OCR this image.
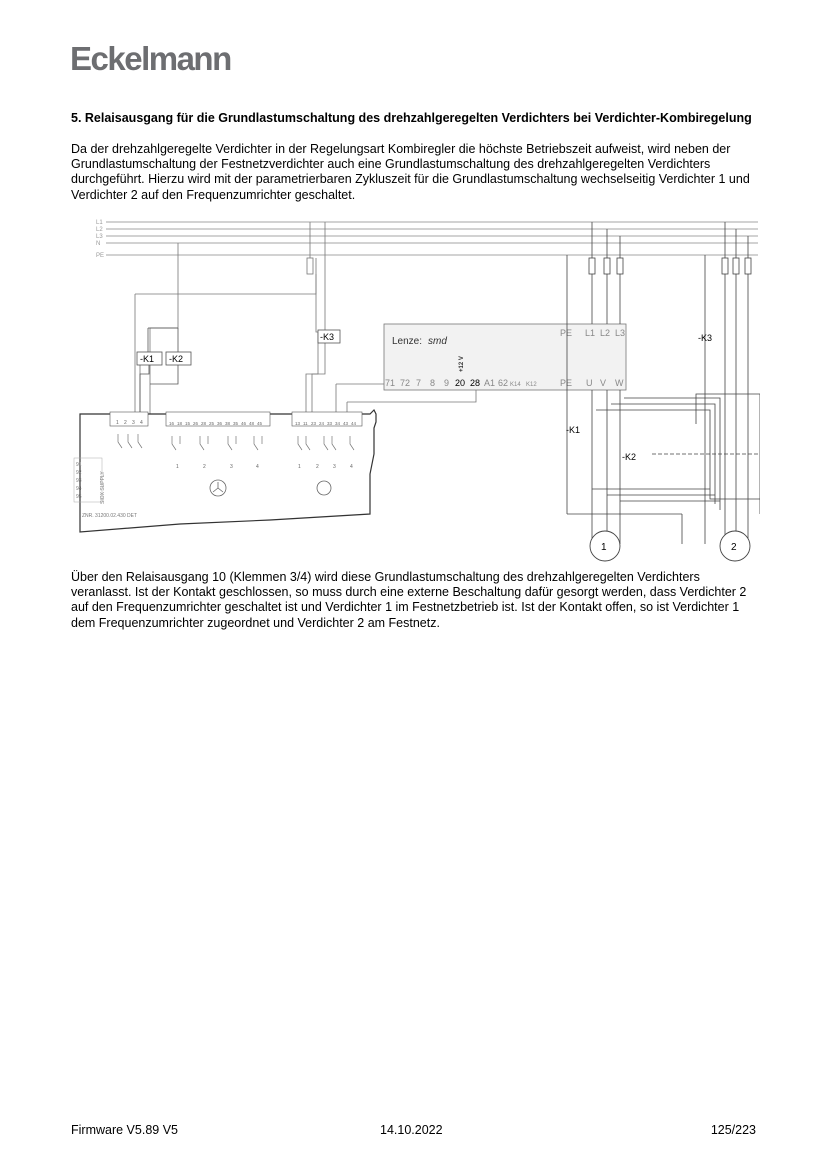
Eckelmann
5. Relaisausgang für die Grundlastumschaltung des drehzahlgeregelten Verdichters bei Verdichter-Kombiregelung
Da der drehzahlgeregelte Verdichter in der Regelungsart Kombiregler die höchste Betriebszeit aufweist, wird neben der Grundlastumschaltung der Festnetzverdichter auch eine Grundlastumschaltung des drehzahlgeregelten Verdichters durchgeführt. Hierzu wird mit der parametrierbaren Zykluszeit für die Grundlastumschaltung wechselseitig Verdichter 1 und Verdichter 2 auf den Frequenzumrichter geschaltet.
L1
L2
L3
N
PE
-K1 -K2
-K3
1 2 3 4	16 18 15 26 28 25 36 38 35 46 48 45	13 11 23 24 33 34 43 44
1	2	3	4	1	2	3	4
91
92
93
94
95	SIOX SUPPLY
ZNR. 31200.02.430 DET
Lenze: smd
PE L1 L2 L3
+12 V
71 72 7 8 9 20 28 A1 62 K14 K12	PE U V W
1	2
-K1
-K2
-K3
Über den Relaisausgang 10 (Klemmen 3/4) wird diese Grundlastumschaltung des drehzahlgeregelten Verdichters veranlasst. Ist der Kontakt geschlossen, so muss durch eine externe Beschaltung dafür gesorgt werden, dass Verdichter 2 auf den Frequenzumrichter geschaltet ist und Verdichter 1 im Festnetzbetrieb ist. Ist der Kontakt offen, so ist Verdichter 1 dem Frequenzumrichter zugeordnet und Verdichter 2 am Festnetz.
Firmware V5.89 V5	14.10.2022	125/223
